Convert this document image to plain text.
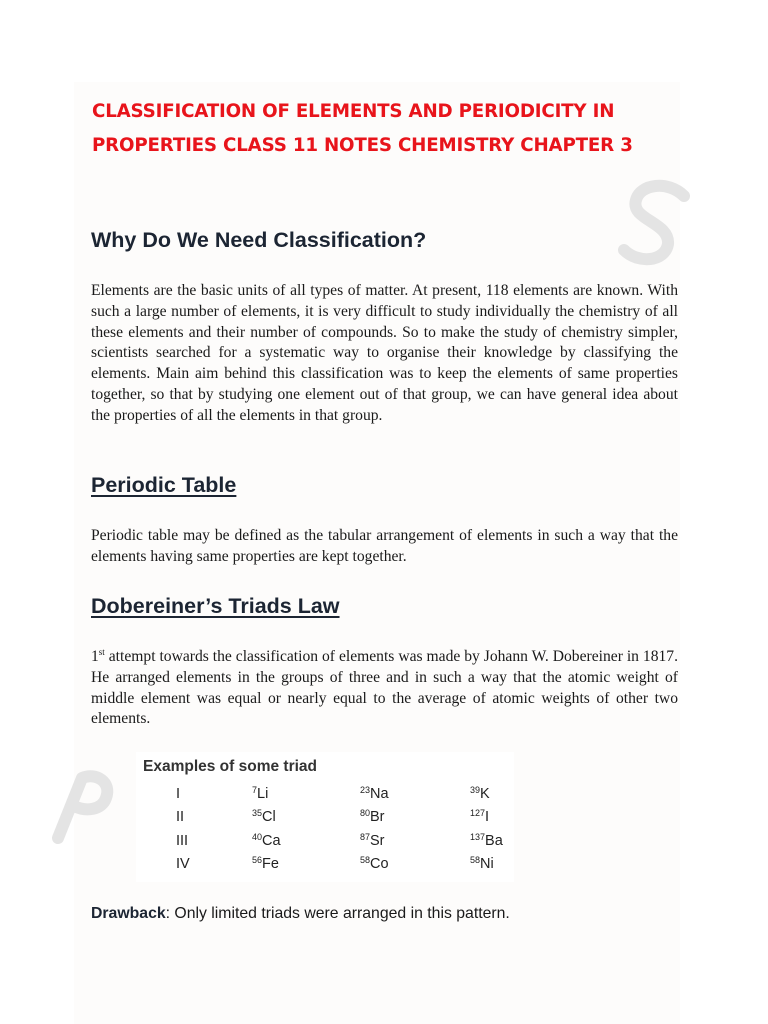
CLASSIFICATION OF ELEMENTS AND PERIODICITY IN PROPERTIES CLASS 11 NOTES CHEMISTRY CHAPTER 3
Why Do We Need Classification?

Elements are the basic units of all types of matter. At present, 118 elements are known. With such a large number of elements, it is very difficult to study individually the chemistry of all these elements and their number of compounds. So to make the study of chemistry simpler, scientists searched for a systematic way to organise their knowledge by classifying the elements. Main aim behind this classification was to keep the elements of same properties together, so that by studying one element out of that group, we can have general idea about the properties of all the elements in that group.

Periodic Table

Periodic table may be defined as the tabular arrangement of elements in such a way that the elements having same properties are kept together.

Dobereiner’s Triads Law

1st attempt towards the classification of elements was made by Johann W. Dobereiner in 1817. He arranged elements in the groups of three and in such a way that the atomic weight of middle element was equal or nearly equal to the average of atomic weights of other two elements.

Examples of some triad

I	$^7$Li	$^{23}$Na	$^{39}$K
II	$^{35}$Cl	$^{80}$Br	$^{127}$I
III	$^{40}$Ca	$^{87}$Sr	$^{137}$Ba
IV	$^{56}$Fe	$^{58}$Co	$^{58}$Ni

Drawback: Only limited triads were arranged in this pattern.
